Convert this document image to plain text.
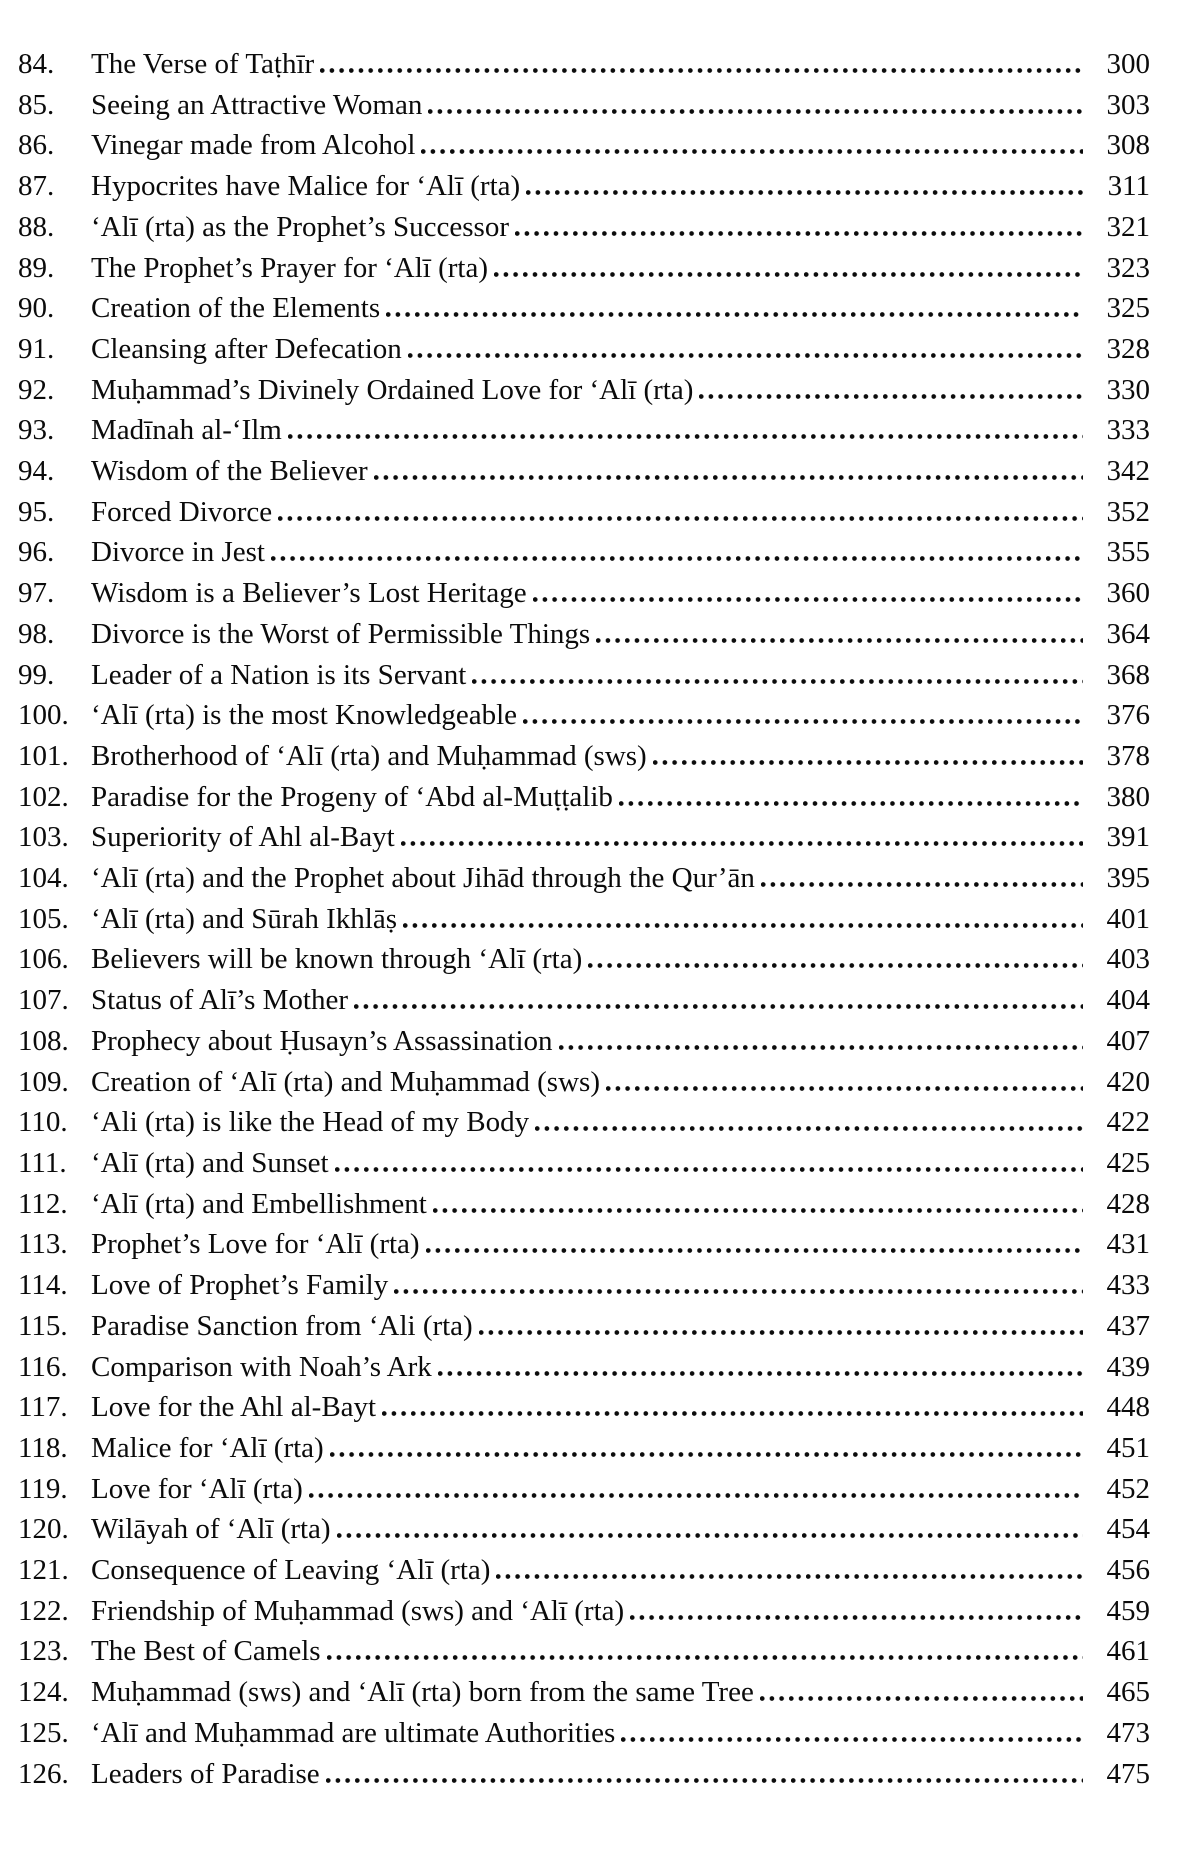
84.	The Verse of Taṭhīr	300
85.	Seeing an Attractive Woman	303
86.	Vinegar made from Alcohol	308
87.	Hypocrites have Malice for ‘Alī (rta)	311
88.	‘Alī (rta) as the Prophet’s Successor	321
89.	The Prophet’s Prayer for ‘Alī (rta)	323
90.	Creation of the Elements	325
91.	Cleansing after Defecation	328
92.	Muḥammad’s Divinely Ordained Love for ‘Alī (rta)	330
93.	Madīnah al-‘Ilm	333
94.	Wisdom of the Believer	342
95.	Forced Divorce	352
96.	Divorce in Jest	355
97.	Wisdom is a Believer’s Lost Heritage	360
98.	Divorce is the Worst of Permissible Things	364
99.	Leader of a Nation is its Servant	368
100. ‘Alī (rta) is the most Knowledgeable	376
101. Brotherhood of ‘Alī (rta) and Muḥammad (sws)	378
102. Paradise for the Progeny of ‘Abd al-Muṭṭalib	380
103. Superiority of Ahl al-Bayt	391
104. ‘Alī (rta) and the Prophet about Jihād through the Qur’ān	395
105. ‘Alī (rta) and Sūrah Ikhlāṣ	401
106. Believers will be known through ‘Alī (rta)	403
107. Status of Alī’s Mother	404
108. Prophecy about Ḥusayn’s Assassination	407
109. Creation of ‘Alī (rta) and Muḥammad (sws)	420
110. ‘Ali (rta) is like the Head of my Body	422
111. ‘Alī (rta) and Sunset	425
112. ‘Alī (rta) and Embellishment	428
113. Prophet’s Love for ‘Alī (rta)	431
114. Love of Prophet’s Family	433
115. Paradise Sanction from ‘Ali (rta)	437
116. Comparison with Noah’s Ark	439
117. Love for the Ahl al-Bayt	448
118. Malice for ‘Alī (rta)	451
119. Love for ‘Alī (rta)	452
120. Wilāyah of ‘Alī (rta)	454
121. Consequence of Leaving ‘Alī (rta)	456
122. Friendship of Muḥammad (sws) and ‘Alī (rta)	459
123. The Best of Camels	461
124. Muḥammad (sws) and ‘Alī (rta) born from the same Tree	465
125. ‘Alī and Muḥammad are ultimate Authorities	473
126. Leaders of Paradise	475
